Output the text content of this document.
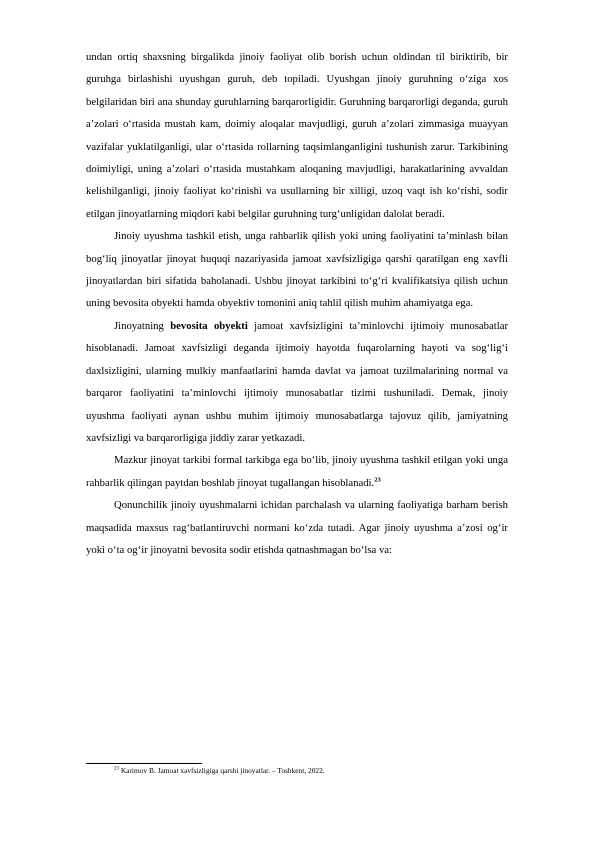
undan ortiq shaxsning birgalikda jinoiy faoliyat olib borish uchun oldindan til biriktirib, bir guruhga birlashishi uyushgan guruh, deb topiladi. Uyushgan jinoiy guruhning o‘ziga xos belgilaridan biri ana shunday guruhlarning barqarorligidir. Guruhning barqarorligi deganda, guruh a’zolari o‘rtasida mustah kam, doimiy aloqalar mavjudligi, guruh a’zolari zimmasiga muayyan vazifalar yuklatilganligi, ular o‘rtasida rollarning taqsimlanganligini tushunish zarur. Tarkibining doimiyligi, uning a’zolari o‘rtasida mustahkam aloqaning mavjudligi, harakatlarining avvaldan kelishilganligi, jinoiy faoliyat ko‘rinishi va usullarning bir xilligi, uzoq vaqt ish ko‘rishi, sodir etilgan jinoyatlarning miqdori kabi belgilar guruhning turg‘unligidan dalolat beradi.

Jinoiy uyushma tashkil etish, unga rahbarlik qilish yoki uning faoliyatini ta’minlash bilan bog‘liq jinoyatlar jinoyat huquqi nazariyasida jamoat xavfsizligiga qarshi qaratilgan eng xavfli jinoyatlardan biri sifatida baholanadi. Ushbu jinoyat tarkibini to‘g‘ri kvalifikatsiya qilish uchun uning bevosita obyekti hamda obyektiv tomonini aniq tahlil qilish muhim ahamiyatga ega.

Jinoyatning bevosita obyekti jamoat xavfsizligini ta’minlovchi ijtimoiy munosabatlar hisoblanadi. Jamoat xavfsizligi deganda ijtimoiy hayotda fuqarolarning hayoti va sog‘lig‘i daxlsizligini, ularning mulkiy manfaatlarini hamda davlat va jamoat tuzilmalarining normal va barqaror faoliyatini ta’minlovchi ijtimoiy munosabatlar tizimi tushuniladi. Demak, jinoiy uyushma faoliyati aynan ushbu muhim ijtimoiy munosabatlarga tajovuz qilib, jamiyatning xavfsizligi va barqarorligiga jiddiy zarar yetkazadi.

Mazkur jinoyat tarkibi formal tarkibga ega bo‘lib, jinoiy uyushma tashkil etilgan yoki unga rahbarlik qilingan paytdan boshlab jinoyat tugallangan hisoblanadi.$^{23}$

Qonunchilik jinoiy uyushmalarni ichidan parchalash va ularning faoliyatiga barham berish maqsadida maxsus rag‘batlantiruvchi normani ko‘zda tutadi. Agar jinoiy uyushma a’zosi og‘ir yoki o‘ta og‘ir jinoyatni bevosita sodir etishda qatnashmagan bo‘lsa va:

$^{23}$ Karimov B. Jamoat xavfsizligiga qarshi jinoyatlar. – Toshkent, 2022.
